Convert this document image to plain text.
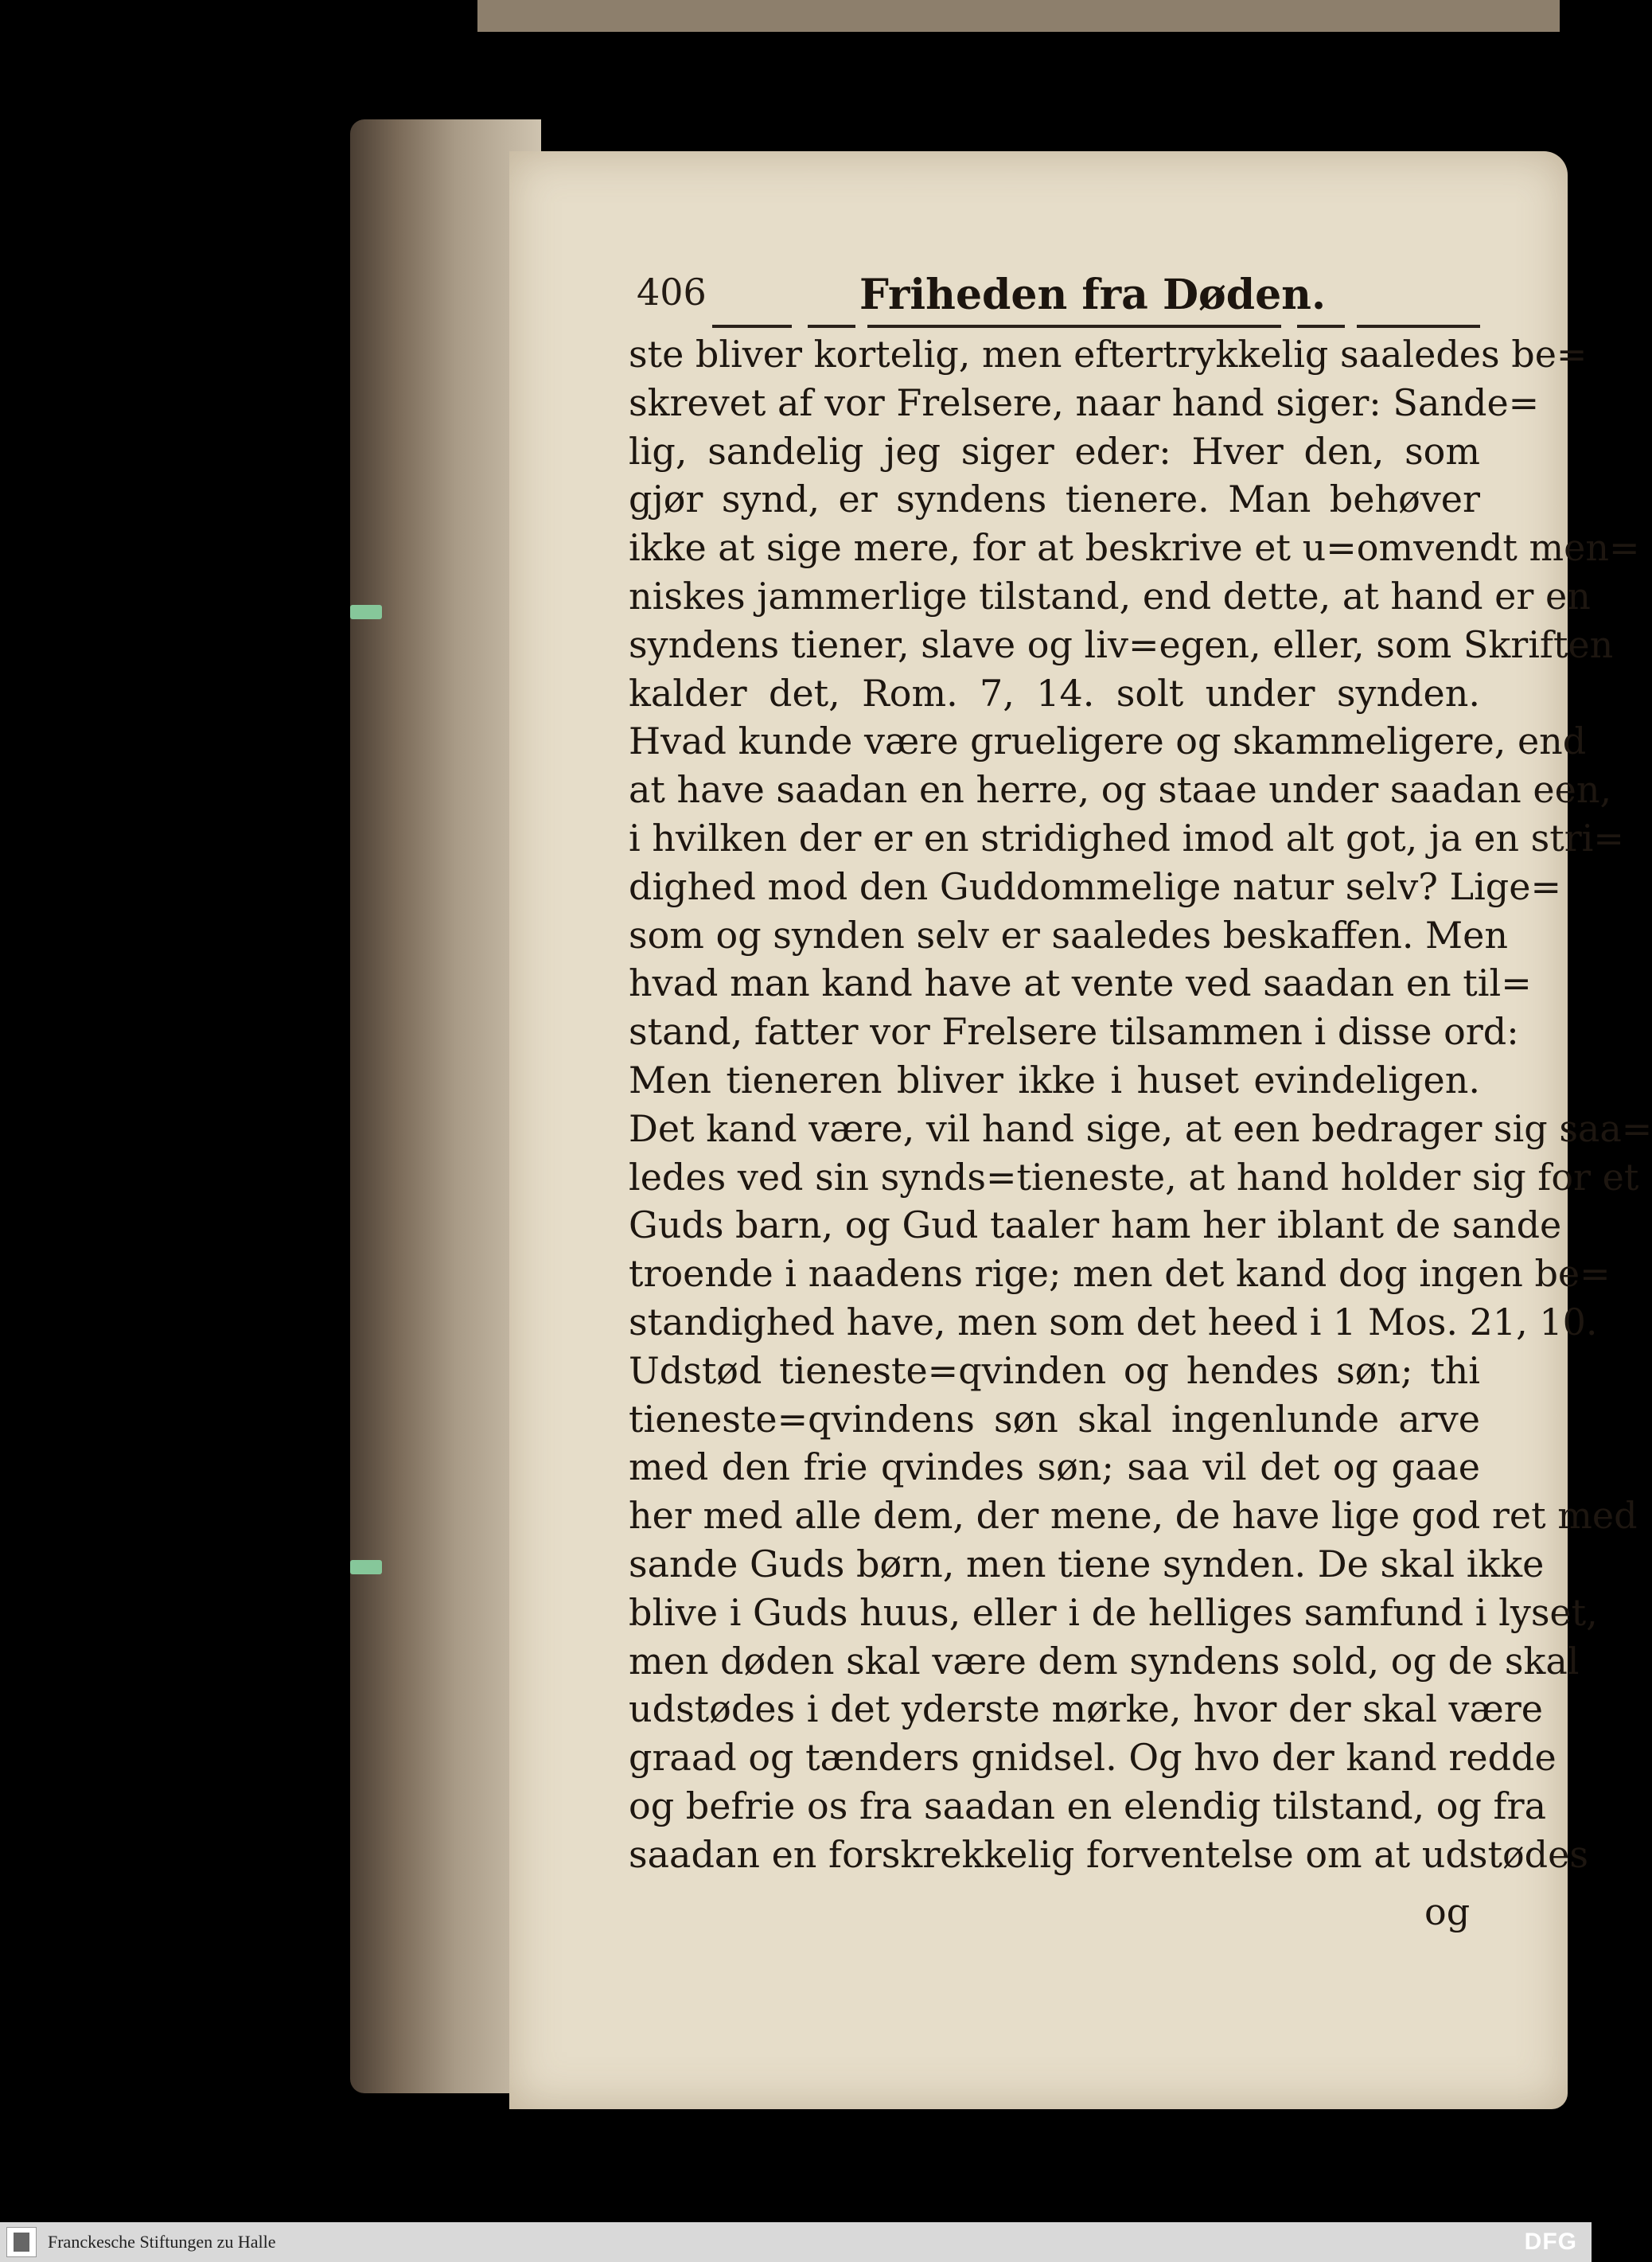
406	Friheden fra Døden.
ste bliver kortelig, men eftertrykkelig saaledes be=
skrevet af vor Frelsere, naar hand siger: Sande=
lig, sandelig jeg siger eder: Hver den, som
gjør synd, er syndens tienere. Man behøver
ikke at sige mere, for at beskrive et u=omvendt men=
niskes jammerlige tilstand, end dette, at hand er en
syndens tiener, slave og liv=egen, eller, som Skriften
kalder det, Rom. 7, 14. solt under synden.
Hvad kunde være grueligere og skammeligere, end
at have saadan en herre, og staae under saadan een,
i hvilken der er en stridighed imod alt got, ja en stri=
dighed mod den Guddommelige natur selv? Lige=
som og synden selv er saaledes beskaffen. Men
hvad man kand have at vente ved saadan en til=
stand, fatter vor Frelsere tilsammen i disse ord:
Men tieneren bliver ikke i huset evindeligen.
Det kand være, vil hand sige, at een bedrager sig saa=
ledes ved sin synds=tieneste, at hand holder sig for et
Guds barn, og Gud taaler ham her iblant de sande
troende i naadens rige; men det kand dog ingen be=
standighed have, men som det heed i 1 Mos. 21, 10.
Udstød tieneste=qvinden og hendes søn; thi
tieneste=qvindens søn skal ingenlunde arve
med den frie qvindes søn; saa vil det og gaae
her med alle dem, der mene, de have lige god ret med
sande Guds børn, men tiene synden. De skal ikke
blive i Guds huus, eller i de helliges samfund i lyset,
men døden skal være dem syndens sold, og de skal
udstødes i det yderste mørke, hvor der skal være
graad og tænders gnidsel. Og hvo der kand redde
og befrie os fra saadan en elendig tilstand, og fra
saadan en forskrekkelig forventelse om at udstødes
og
Franckesche Stiftungen zu Halle	DFG
